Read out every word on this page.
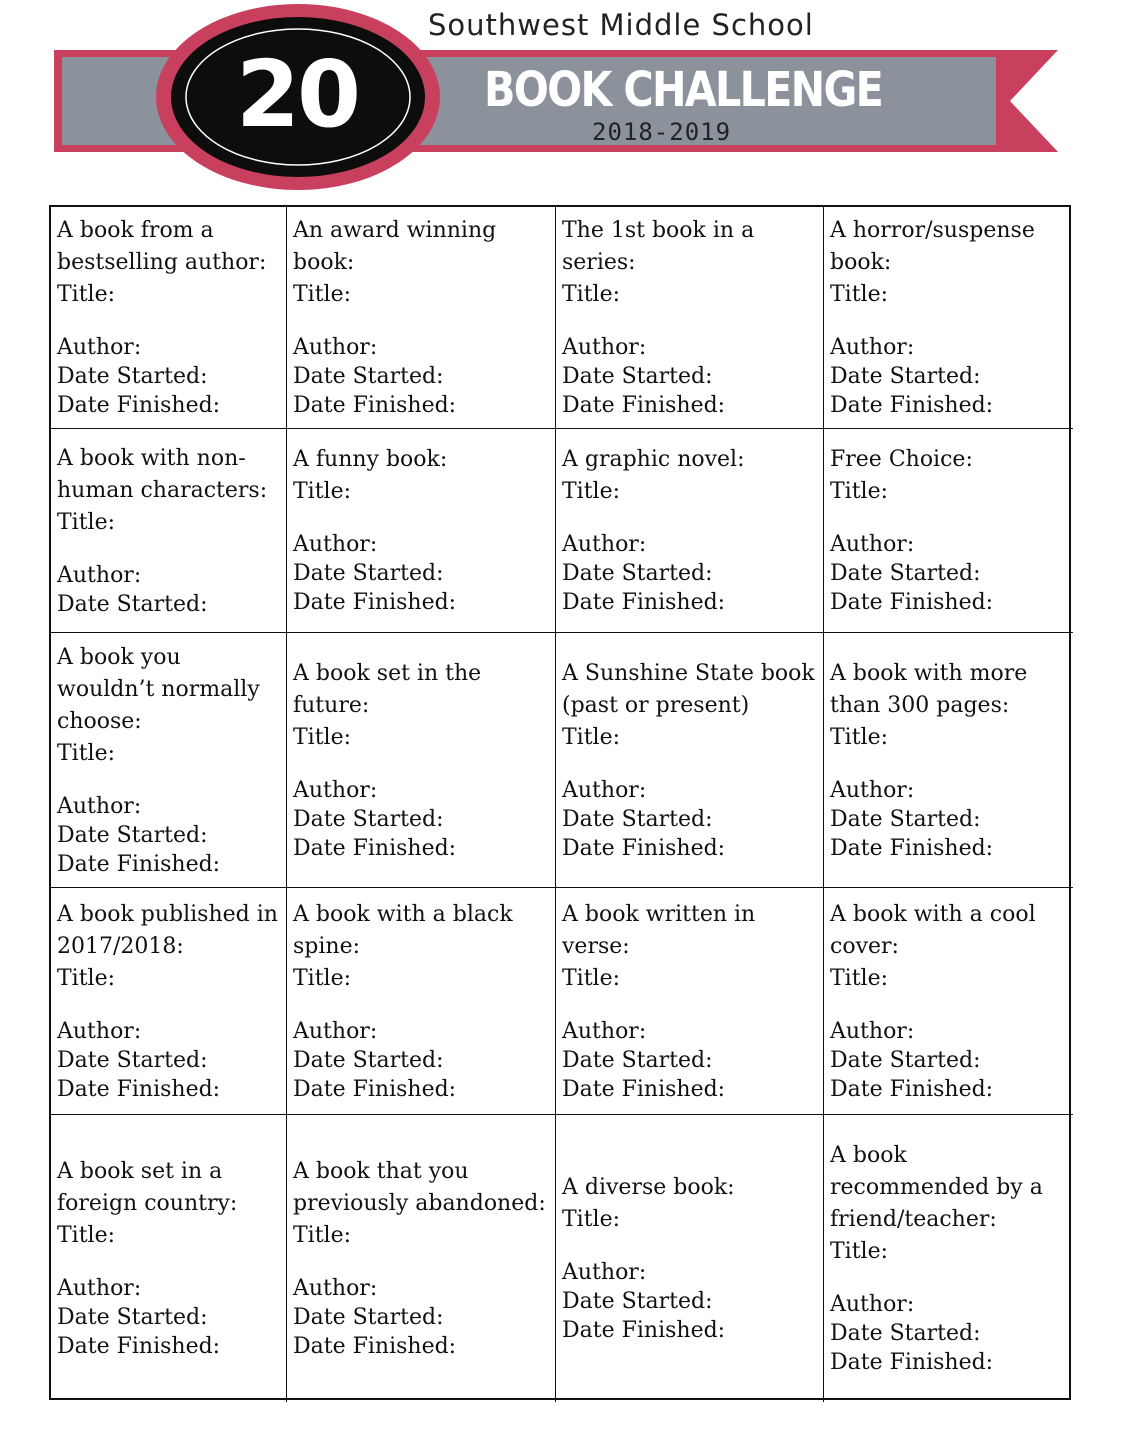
Southwest Middle School
20	BOOK CHALLENGE
2018-2019
A book from a bestselling author:
Title:
Author:
Date Started:
Date Finished:
An award winning book:
Title:
Author:
Date Started:
Date Finished:
The 1st book in a series:
Title:
Author:
Date Started:
Date Finished:
A horror/suspense book:
Title:
Author:
Date Started:
Date Finished:
A book with non-human characters:
Title:
Author:
Date Started:
A funny book:
Title:
Author:
Date Started:
Date Finished:
A graphic novel:
Title:
Author:
Date Started:
Date Finished:
Free Choice:
Title:
Author:
Date Started:
Date Finished:
A book you wouldn’t normally choose:
Title:
Author:
Date Started:
Date Finished:
A book set in the future:
Title:
Author:
Date Started:
Date Finished:
A Sunshine State book (past or present)
Title:
Author:
Date Started:
Date Finished:
A book with more than 300 pages:
Title:
Author:
Date Started:
Date Finished:
A book published in 2017/2018:
Title:
Author:
Date Started:
Date Finished:
A book with a black spine:
Title:
Author:
Date Started:
Date Finished:
A book written in verse:
Title:
Author:
Date Started:
Date Finished:
A book with a cool cover:
Title:
Author:
Date Started:
Date Finished:
A book set in a foreign country:
Title:
Author:
Date Started:
Date Finished:
A book that you previously abandoned:
Title:
Author:
Date Started:
Date Finished:
A diverse book:
Title:
Author:
Date Started:
Date Finished:
A book recommended by a friend/teacher:
Title:
Author:
Date Started:
Date Finished:
